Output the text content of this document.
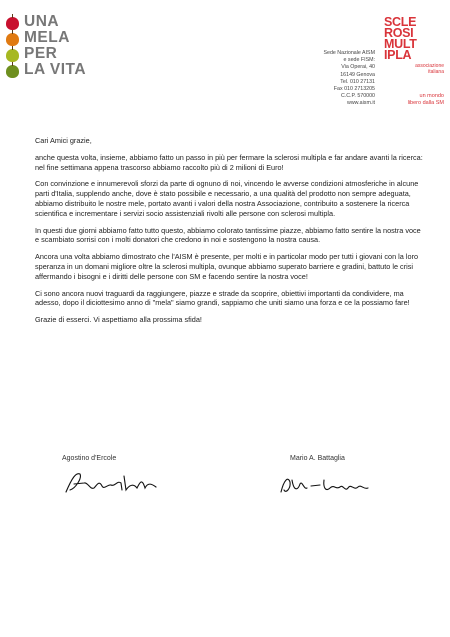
UNA
MELA
PER
LA VITA
Sede Nazionale AISM
e sede FISM:
Via Operai, 40
16149 Genova
Tel. 010 27131
Fax 010 2713205
C.C.P. 570000
www.aism.it
SCLE
ROSI
MULT
IPLA
associazione
italiana
un mondo
libero dalla SM

Cari Amici grazie,

anche questa volta, insieme, abbiamo fatto un passo in più per fermare la sclerosi multipla e far andare avanti la ricerca: nel fine settimana appena trascorso abbiamo raccolto più di 2 milioni di Euro!

Con convinzione e innumerevoli sforzi da parte di ognuno di noi, vincendo le avverse condizioni atmosferiche in alcune parti d'Italia, supplendo anche, dove è stato possibile e necessario, a una qualità del prodotto non sempre adeguata, abbiamo distribuito le nostre mele, portato avanti i valori della nostra Associazione, contribuito a sostenere la ricerca scientifica e incrementare i servizi socio assistenziali rivolti alle persone con sclerosi multipla.

In questi due giorni abbiamo fatto tutto questo, abbiamo colorato tantissime piazze, abbiamo fatto sentire la nostra voce e scambiato sorrisi con i molti donatori che credono in noi e sostengono la nostra causa.

Ancora una volta abbiamo dimostrato che l'AISM è presente, per molti e in particolar modo per tutti i giovani con la loro speranza in un domani migliore oltre la sclerosi multipla, ovunque abbiamo superato barriere e gradini, battuto le crisi affermando i bisogni e i diritti delle persone con SM e facendo sentire la nostra voce!

Ci sono ancora nuovi traguardi da raggiungere, piazze e strade da scoprire, obiettivi importanti da condividere, ma adesso, dopo il diciottesimo anno di "mela" siamo grandi, sappiamo che uniti siamo una forza e ce la possiamo fare!

Grazie di esserci. Vi aspettiamo alla prossima sfida!

Agostino d'Ercole	Mario A. Battaglia
